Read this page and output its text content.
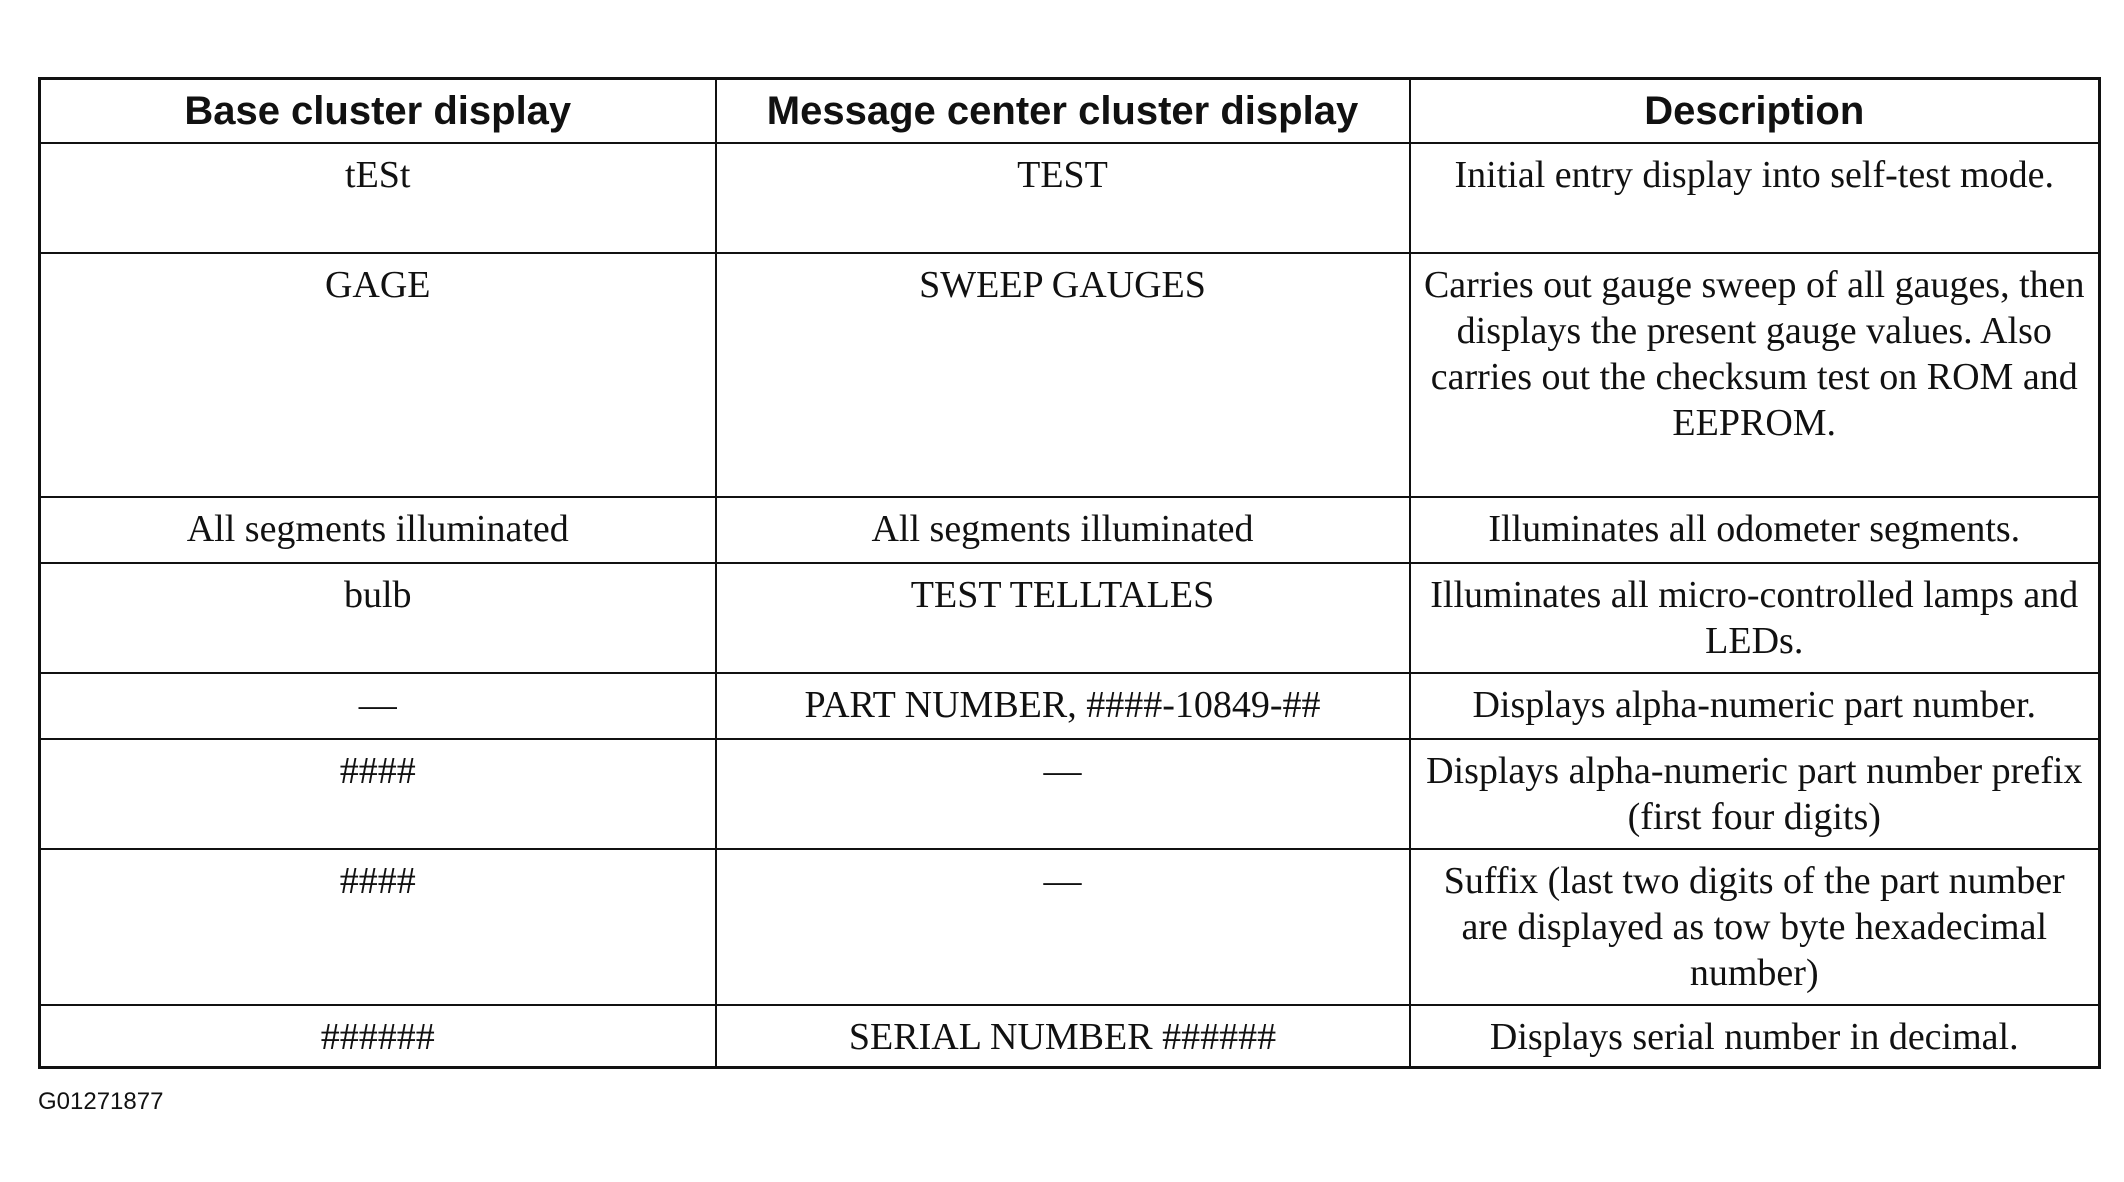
Base cluster display	Message center cluster display	Description
tESt	TEST	Initial entry display into self-test mode.
GAGE	SWEEP GAUGES	Carries out gauge sweep of all gauges, then displays the present gauge values. Also carries out the checksum test on ROM and EEPROM.
All segments illuminated	All segments illuminated	Illuminates all odometer segments.
bulb	TEST TELLTALES	Illuminates all micro-controlled lamps and LEDs.
—	PART NUMBER, ####-10849-##	Displays alpha-numeric part number.
####	—	Displays alpha-numeric part number prefix (first four digits)
####	—	Suffix (last two digits of the part number are displayed as tow byte hexadecimal number)
######	SERIAL NUMBER ######	Displays serial number in decimal.
G01271877
